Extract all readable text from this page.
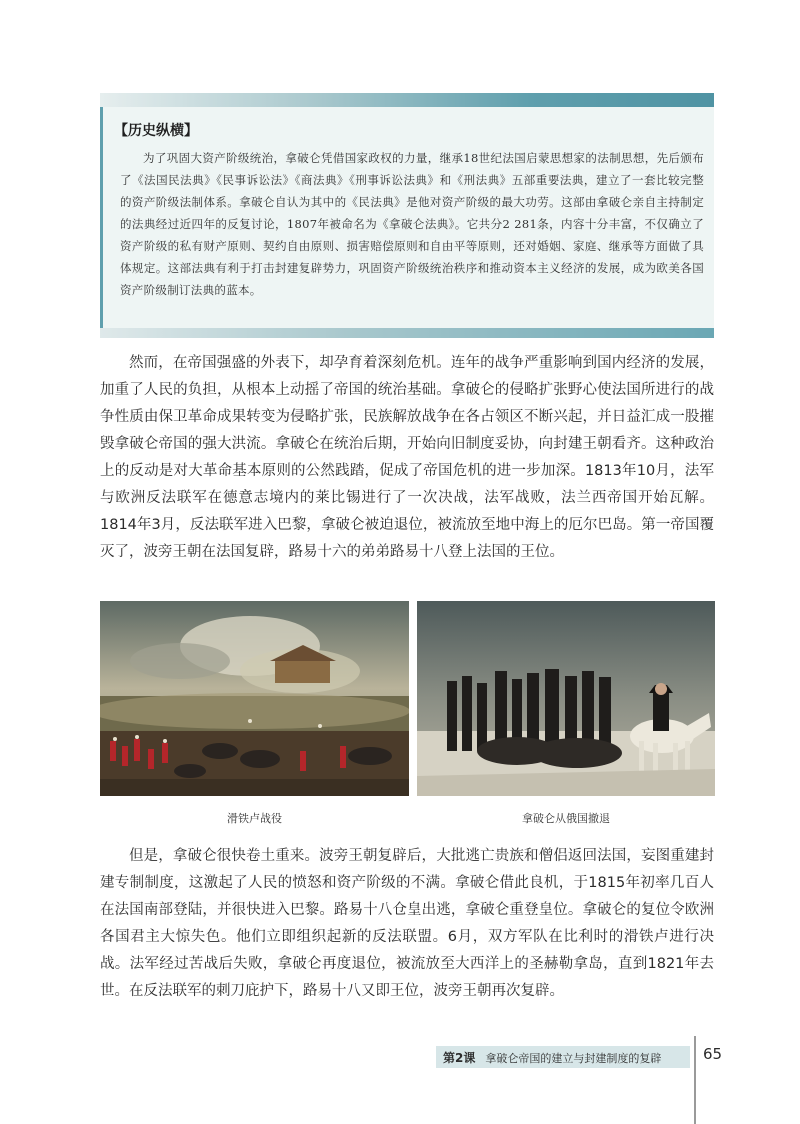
【历史纵横】

为了巩固大资产阶级统治，拿破仑凭借国家政权的力量，继承18世纪法国启蒙思想家的法制思想，先后颁布了《法国民法典》《民事诉讼法》《商法典》《刑事诉讼法典》和《刑法典》五部重要法典，建立了一套比较完整的资产阶级法制体系。拿破仑自认为其中的《民法典》是他对资产阶级的最大功劳。这部由拿破仑亲自主持制定的法典经过近四年的反复讨论，1807年被命名为《拿破仑法典》。它共分2 281条，内容十分丰富，不仅确立了资产阶级的私有财产原则、契约自由原则、损害赔偿原则和自由平等原则，还对婚姻、家庭、继承等方面做了具体规定。这部法典有利于打击封建复辟势力，巩固资产阶级统治秩序和推动资本主义经济的发展，成为欧美各国资产阶级制订法典的蓝本。

然而，在帝国强盛的外表下，却孕育着深刻危机。连年的战争严重影响到国内经济的发展，加重了人民的负担，从根本上动摇了帝国的统治基础。拿破仑的侵略扩张野心使法国所进行的战争性质由保卫革命成果转变为侵略扩张，民族解放战争在各占领区不断兴起，并日益汇成一股摧毁拿破仑帝国的强大洪流。拿破仑在统治后期，开始向旧制度妥协，向封建王朝看齐。这种政治上的反动是对大革命基本原则的公然践踏，促成了帝国危机的进一步加深。1813年10月，法军与欧洲反法联军在德意志境内的莱比锡进行了一次决战，法军战败，法兰西帝国开始瓦解。1814年3月，反法联军进入巴黎，拿破仑被迫退位，被流放至地中海上的厄尔巴岛。第一帝国覆灭了，波旁王朝在法国复辟，路易十六的弟弟路易十八登上法国的王位。

滑铁卢战役	拿破仑从俄国撤退

但是，拿破仑很快卷土重来。波旁王朝复辟后，大批逃亡贵族和僧侣返回法国，妄图重建封建专制制度，这激起了人民的愤怒和资产阶级的不满。拿破仑借此良机，于1815年初率几百人在法国南部登陆，并很快进入巴黎。路易十八仓皇出逃，拿破仑重登皇位。拿破仑的复位令欧洲各国君主大惊失色。他们立即组织起新的反法联盟。6月，双方军队在比利时的滑铁卢进行决战。法军经过苦战后失败，拿破仑再度退位，被流放至大西洋上的圣赫勒拿岛，直到1821年去世。在反法联军的刺刀庇护下，路易十八又即王位，波旁王朝再次复辟。

第2课 拿破仑帝国的建立与封建制度的复辟	65
